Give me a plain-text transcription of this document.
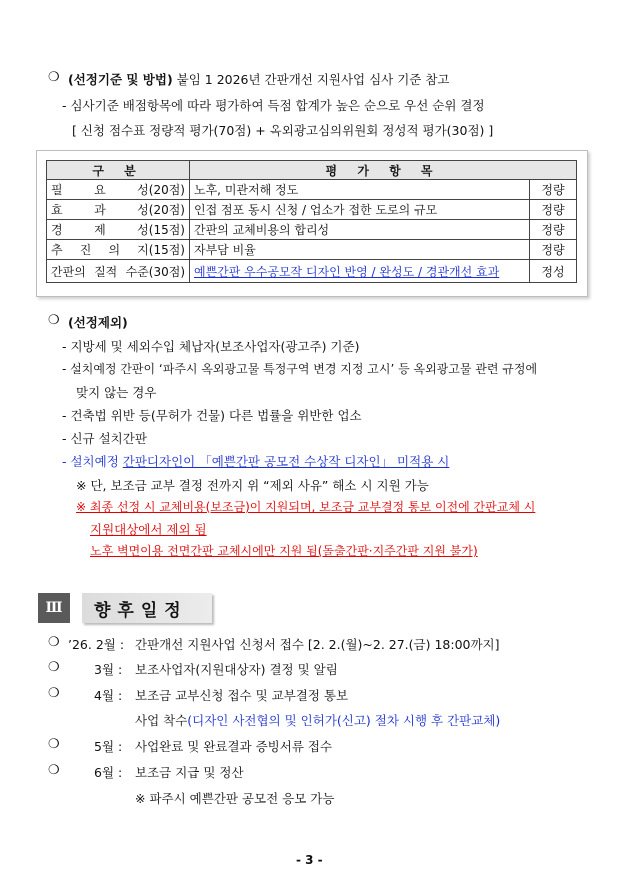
❍ (선정기준 및 방법) 붙임 1 2026년 간판개선 지원사업 심사 기준 참고
- 심사기준 배점항목에 따라 평가하여 득점 합계가 높은 순으로 우선 순위 결정
[ 신청 점수표 정량적 평가(70점) + 옥외광고심의위원회 정성적 평가(30점) ]
구 분	평 가 항 목	
필 요 성(20점)	노후, 미관저해 정도	정량
효 과 성(20점)	인접 점포 동시 신청 / 업소가 접한 도로의 규모	정량
경 제 성(15점)	간판의 교체비용의 합리성	정량
추 진 의 지(15점)	자부담 비율	정량
간판의 질적 수준(30점)	예쁜간판 우수공모작 디자인 반영 / 완성도 / 경관개선 효과	정성
❍ (선정제외)
- 지방세 및 세외수입 체납자(보조사업자(광고주) 기준)
- 설치예정 간판이 ‘파주시 옥외광고물 특정구역 변경 지정 고시’ 등 옥외광고물 관련 규정에
맞지 않는 경우
- 건축법 위반 등(무허가 건물) 다른 법률을 위반한 업소
- 신규 설치간판
- 설치예정 간판디자인이 「예쁜간판 공모전 수상작 디자인」 미적용 시
※ 단, 보조금 교부 결정 전까지 위 “제외 사유” 해소 시 지원 가능
※ 최종 선정 시 교체비용(보조금)이 지원되며, 보조금 교부결정 통보 이전에 간판교체 시
지원대상에서 제외 됨
노후 벽면이용 전면간판 교체시에만 지원 됨(돌출간판·지주간판 지원 불가)
Ⅲ	향후일정
❍ ’26. 2월 : 간판개선 지원사업 신청서 접수 [2. 2.(월)~2. 27.(금) 18:00까지]
❍	3월 : 보조사업자(지원대상자) 결정 및 알림
❍	4월 : 보조금 교부신청 접수 및 교부결정 통보
사업 착수(디자인 사전협의 및 인허가(신고) 절차 시행 후 간판교체)
❍	5월 : 사업완료 및 완료결과 증빙서류 접수
❍	6월 : 보조금 지급 및 정산
※ 파주시 예쁜간판 공모전 응모 가능
- 3 -
